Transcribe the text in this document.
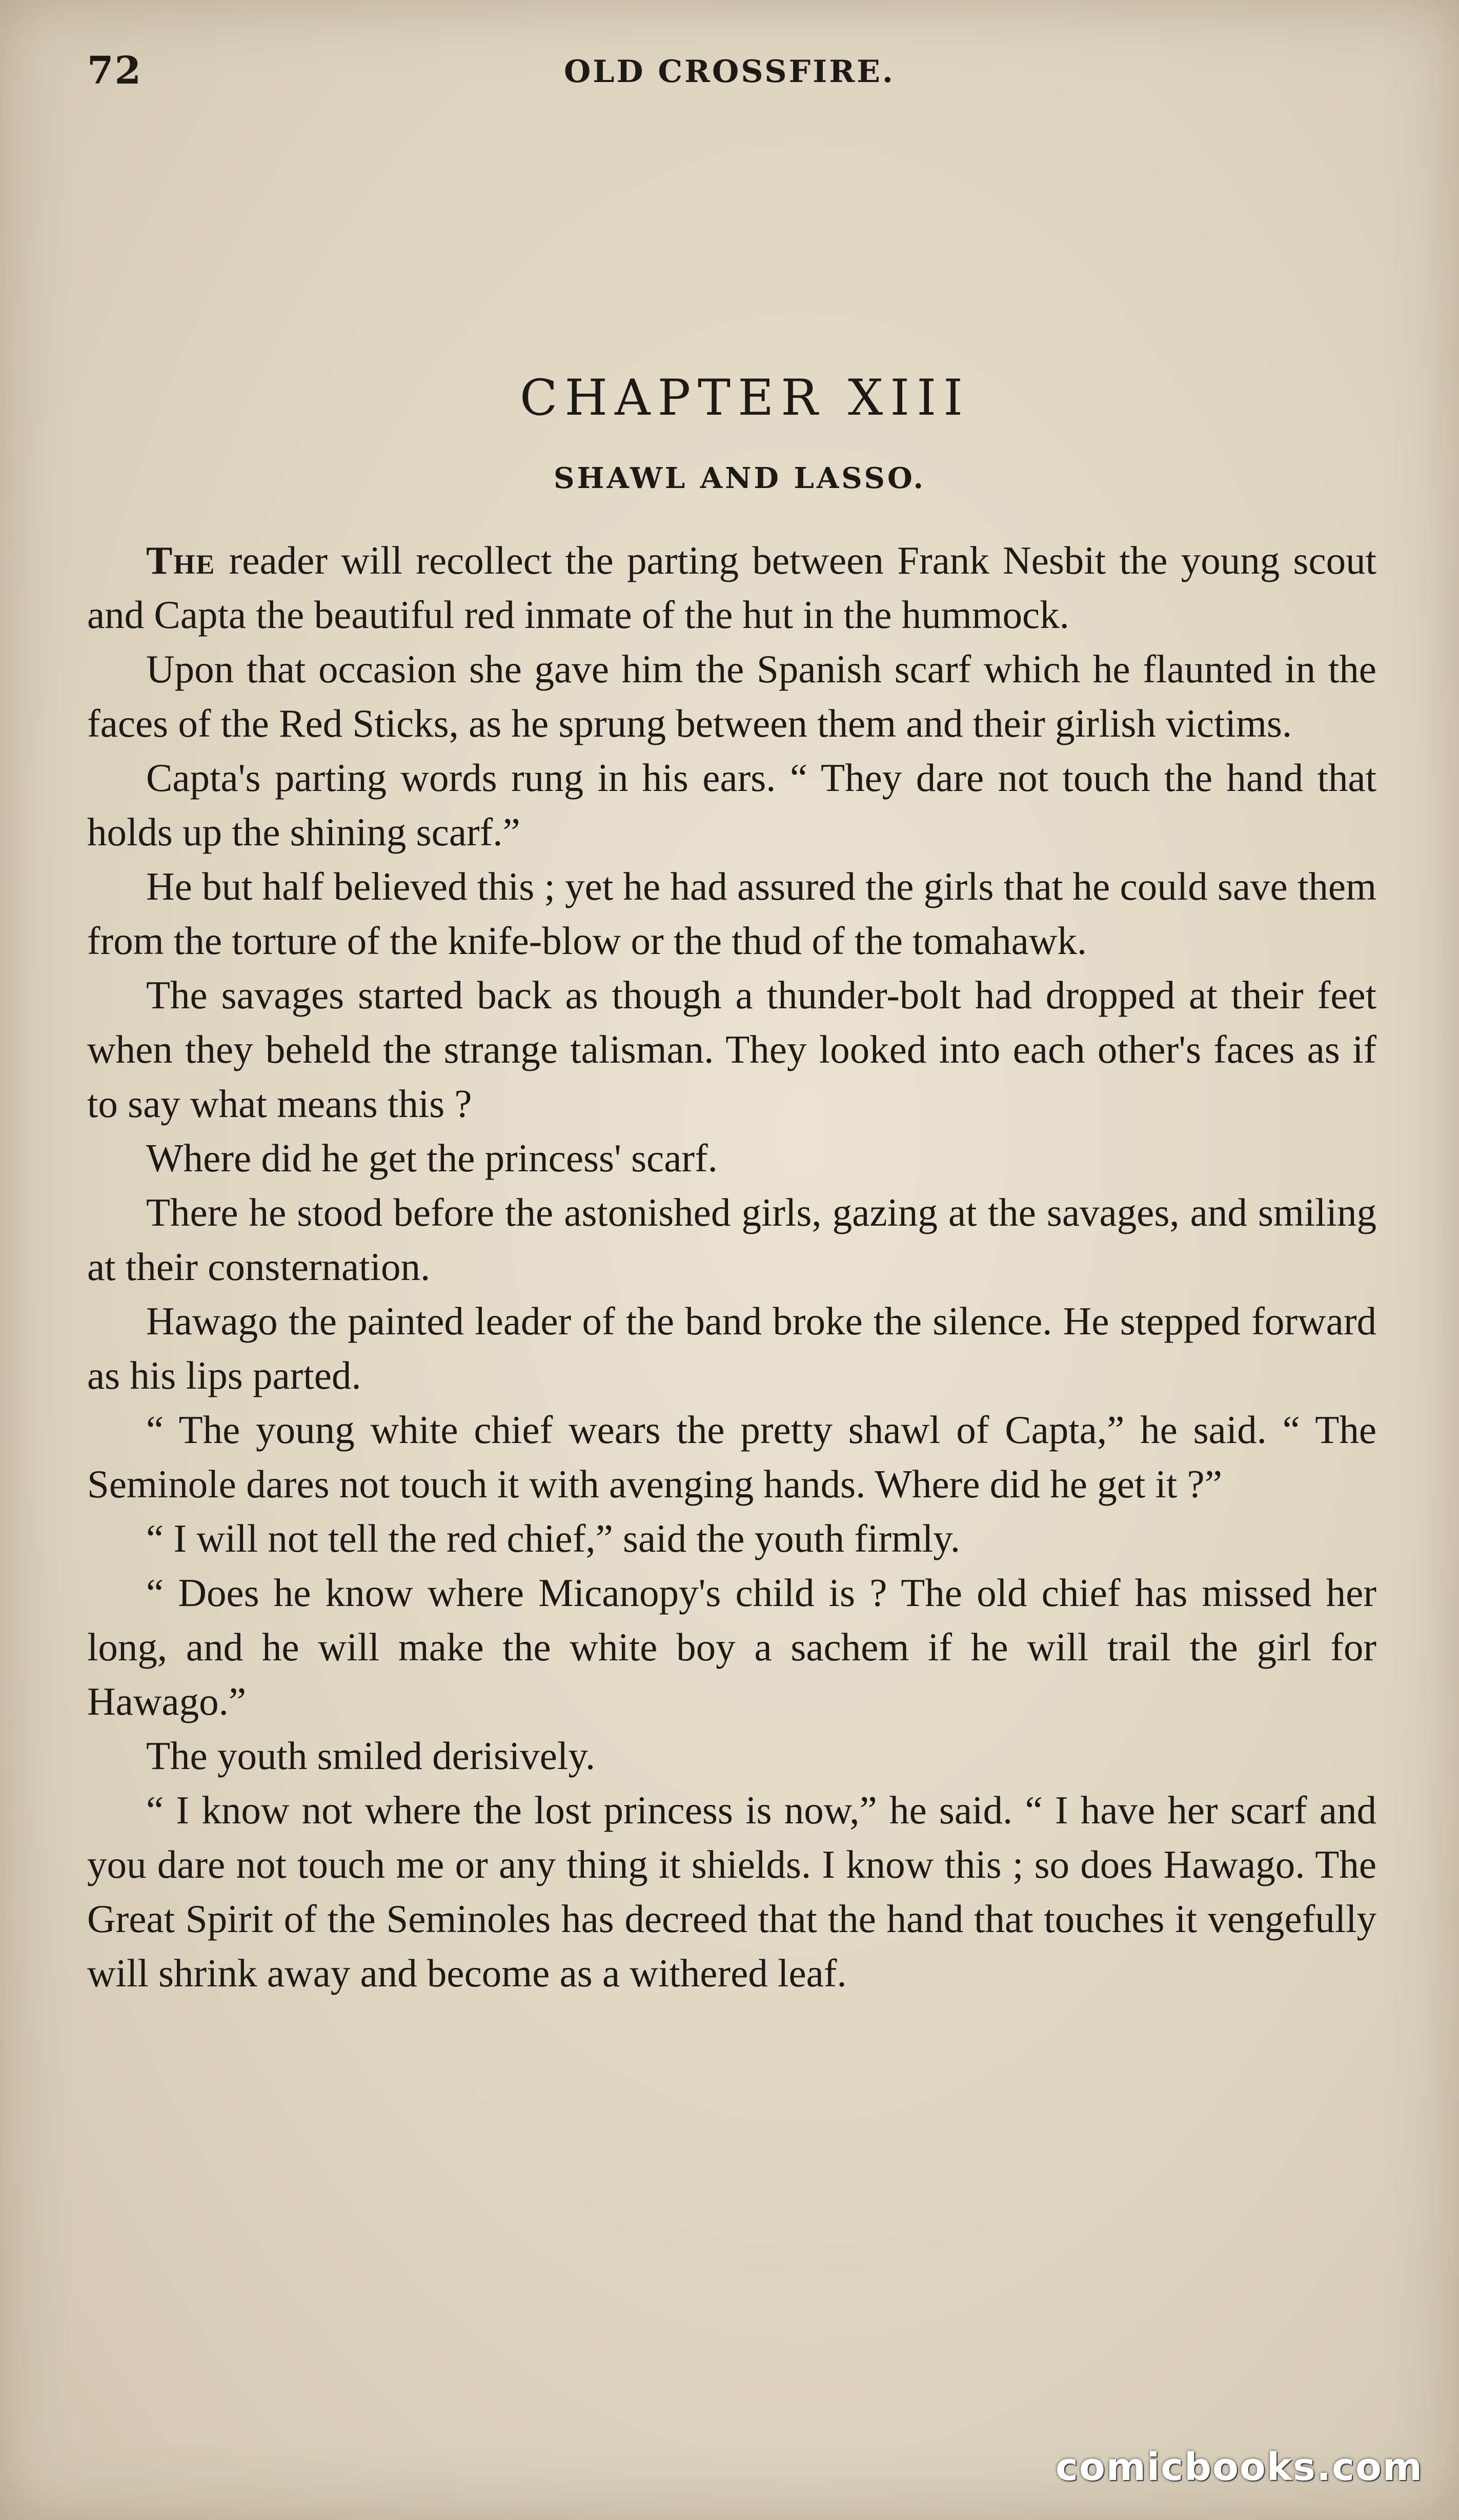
72	OLD CROSSFIRE.
CHAPTER XIII
SHAWL AND LASSO.

The reader will recollect the parting between Frank Nesbit the young scout and Capta the beautiful red inmate of the hut in the hummock.

Upon that occasion she gave him the Spanish scarf which he flaunted in the faces of the Red Sticks, as he sprung between them and their girlish victims.

Capta's parting words rung in his ears. “ They dare not touch the hand that holds up the shining scarf.”

He but half believed this ; yet he had assured the girls that he could save them from the torture of the knife-blow or the thud of the tomahawk.

The savages started back as though a thunder-bolt had dropped at their feet when they beheld the strange talisman. They looked into each other's faces as if to say what means this ?

Where did he get the princess' scarf.

There he stood before the astonished girls, gazing at the savages, and smiling at their consternation.

Hawago the painted leader of the band broke the silence. He stepped forward as his lips parted.

“ The young white chief wears the pretty shawl of Capta,” he said. “ The Seminole dares not touch it with avenging hands. Where did he get it ?”

“ I will not tell the red chief,” said the youth firmly.

“ Does he know where Micanopy's child is ? The old chief has missed her long, and he will make the white boy a sachem if he will trail the girl for Hawago.”

The youth smiled derisively.

“ I know not where the lost princess is now,” he said. “ I have her scarf and you dare not touch me or any thing it shields. I know this ; so does Hawago. The Great Spirit of the Seminoles has decreed that the hand that touches it vengefully will shrink away and become as a withered leaf.

comicbooks.com
